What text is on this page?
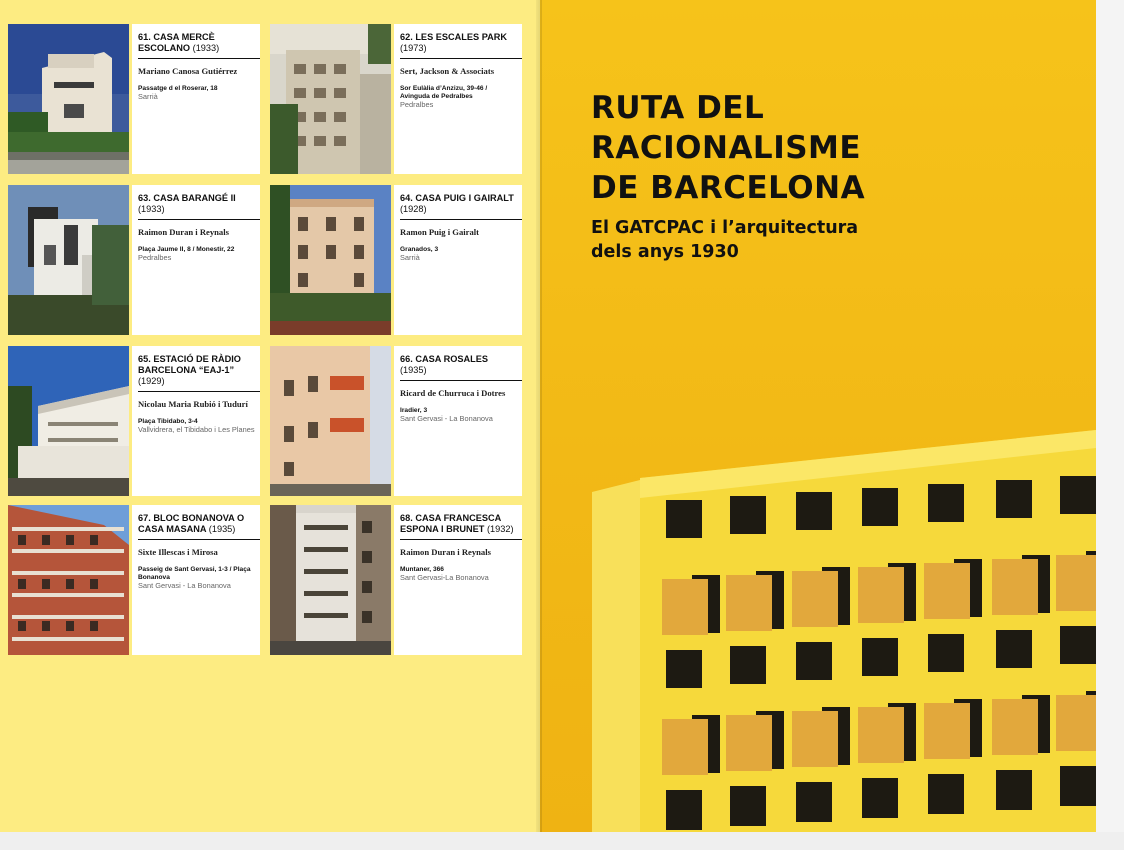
61. CASA MERCÈ ESCOLANO (1933)
Mariano Canosa Gutiérrez
Passatge d el Roserar, 18
Sarrià
62. LES ESCALES PARK (1973)
Sert, Jackson & Associats
Sor Eulàlia d’Anzizu, 39-46 / Avinguda de Pedralbes
Pedralbes
63. CASA BARANGÉ II (1933)
Raimon Duran i Reynals
Plaça Jaume II, 8 / Monestir, 22
Pedralbes
64. CASA PUIG I GAIRALT (1928)
Ramon Puig i Gairalt
Granados, 3
Sarrià
65. ESTACIÓ DE RÀDIO BARCELONA “EAJ-1” (1929)
Nicolau Maria Rubió i Tudurí
Plaça Tibidabo, 3-4
Vallvidrera, el Tibidabo i Les Planes
66. CASA ROSALES (1935)
Ricard de Churruca i Dotres
Iradier, 3
Sant Gervasi - La Bonanova
67. BLOC BONANOVA O CASA MASANA (1935)
Sixte Illescas i Mirosa
Passeig de Sant Gervasi, 1-3 / Plaça Bonanova
Sant Gervasi - La Bonanova
68. CASA FRANCESCA ESPONA I BRUNET (1932)
Raimon Duran i Reynals
Muntaner, 366
Sant Gervasi-La Bonanova
RUTA DEL
RACIONALISME
DE BARCELONA
El GATCPAC i l’arquitectura
dels anys 1930
